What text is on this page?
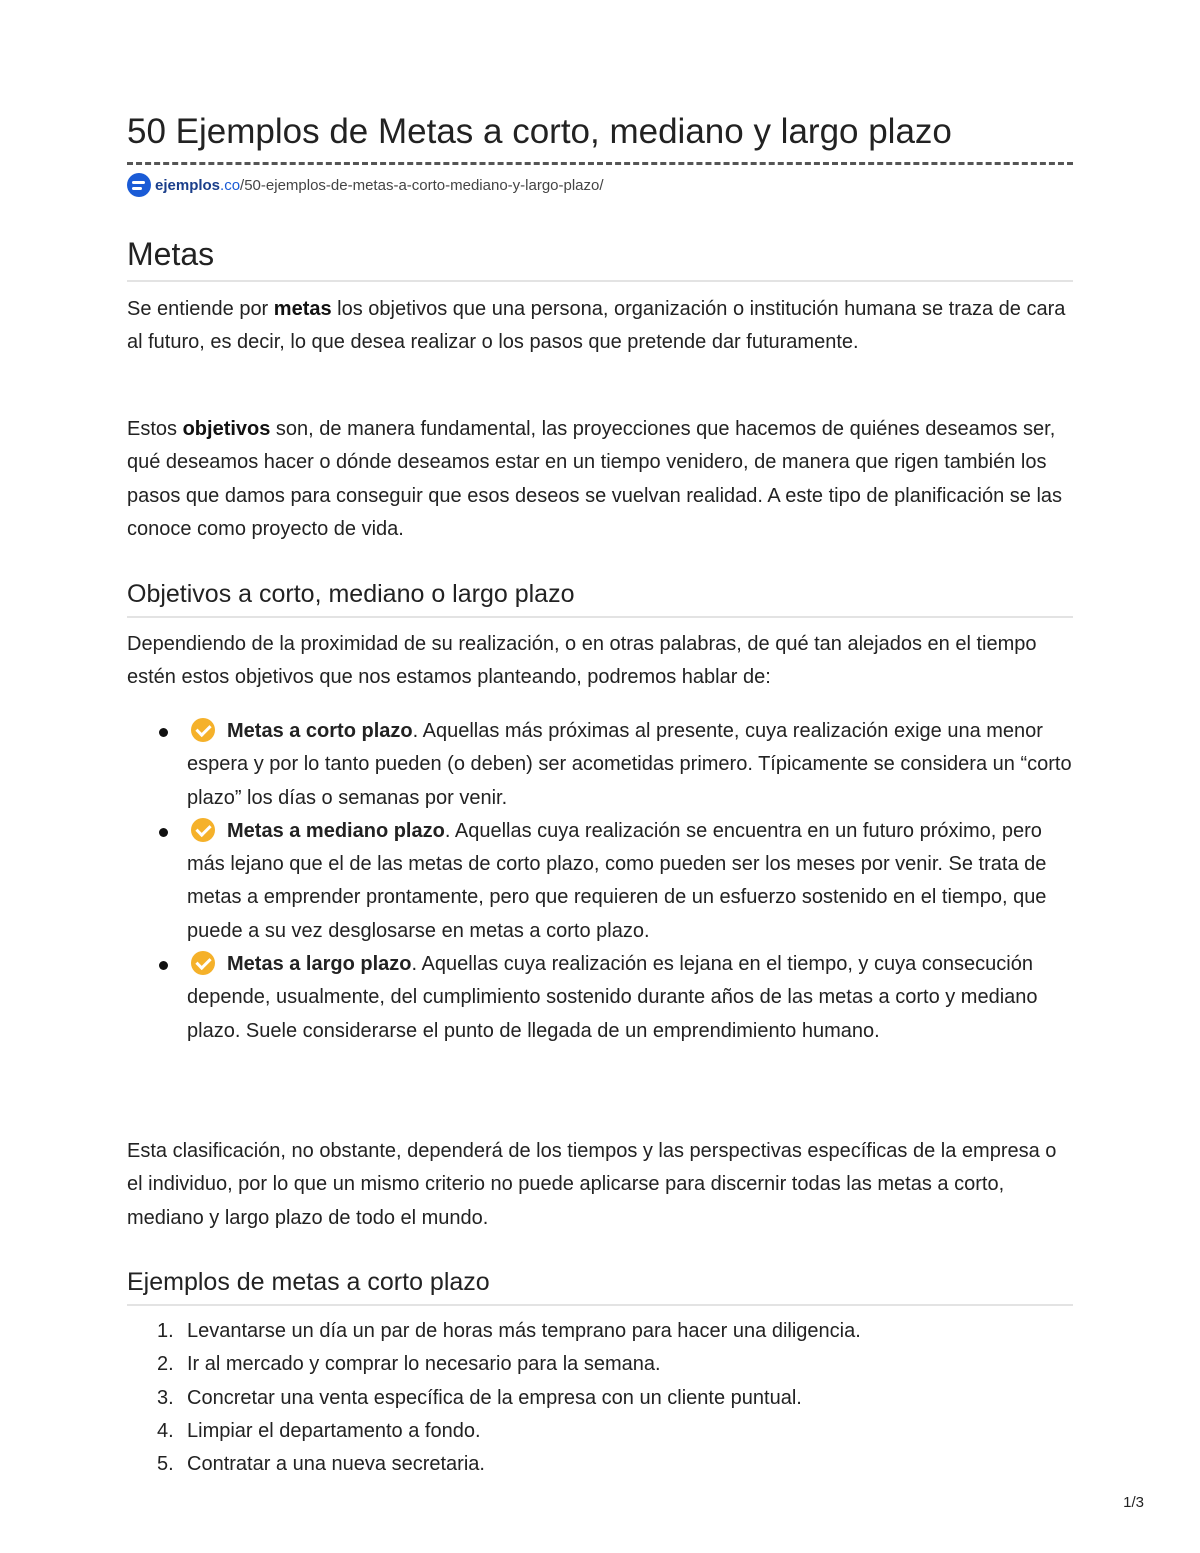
50 Ejemplos de Metas a corto, mediano y largo plazo
ejemplos.co /50-ejemplos-de-metas-a-corto-mediano-y-largo-plazo/
Metas

Se entiende por metas los objetivos que una persona, organización o institución humana se traza de cara al futuro, es decir, lo que desea realizar o los pasos que pretende dar futuramente.

Estos objetivos son, de manera fundamental, las proyecciones que hacemos de quiénes deseamos ser, qué deseamos hacer o dónde deseamos estar en un tiempo venidero, de manera que rigen también los pasos que damos para conseguir que esos deseos se vuelvan realidad. A este tipo de planificación se las conoce como proyecto de vida.

Objetivos a corto, mediano o largo plazo

Dependiendo de la proximidad de su realización, o en otras palabras, de qué tan alejados en el tiempo estén estos objetivos que nos estamos planteando, podremos hablar de:

Metas a corto plazo. Aquellas más próximas al presente, cuya realización exige una menor espera y por lo tanto pueden (o deben) ser acometidas primero. Típicamente se considera un “corto plazo” los días o semanas por venir.
Metas a mediano plazo. Aquellas cuya realización se encuentra en un futuro próximo, pero más lejano que el de las metas de corto plazo, como pueden ser los meses por venir. Se trata de metas a emprender prontamente, pero que requieren de un esfuerzo sostenido en el tiempo, que puede a su vez desglosarse en metas a corto plazo.
Metas a largo plazo. Aquellas cuya realización es lejana en el tiempo, y cuya consecución depende, usualmente, del cumplimiento sostenido durante años de las metas a corto y mediano plazo. Suele considerarse el punto de llegada de un emprendimiento humano.

Esta clasificación, no obstante, dependerá de los tiempos y las perspectivas específicas de la empresa o el individuo, por lo que un mismo criterio no puede aplicarse para discernir todas las metas a corto, mediano y largo plazo de todo el mundo.

Ejemplos de metas a corto plazo
1. Levantarse un día un par de horas más temprano para hacer una diligencia.
2. Ir al mercado y comprar lo necesario para la semana.
3. Concretar una venta específica de la empresa con un cliente puntual.
4. Limpiar el departamento a fondo.
5. Contratar a una nueva secretaria.
1/3
